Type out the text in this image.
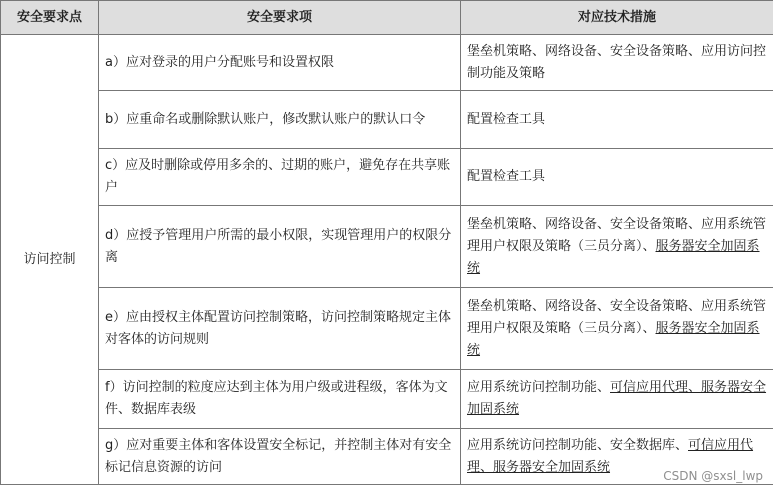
安全要求点	安全要求项	对应技术措施
访问控制	a）应对登录的用户分配账号和设置权限	堡垒机策略、网络设备、安全设备策略、应用访问控制功能及策略
	b）应重命名或删除默认账户，修改默认账户的默认口令	配置检查工具
	c）应及时删除或停用多余的、过期的账户，避免存在共享账户	配置检查工具
	d）应授予管理用户所需的最小权限，实现管理用户的权限分离	堡垒机策略、网络设备、安全设备策略、应用系统管理用户权限及策略（三员分离）、服务器安全加固系统
	e）应由授权主体配置访问控制策略，访问控制策略规定主体对客体的访问规则	堡垒机策略、网络设备、安全设备策略、应用系统管理用户权限及策略（三员分离）、服务器安全加固系统
	f）访问控制的粒度应达到主体为用户级或进程级，客体为文件、数据库表级	应用系统访问控制功能、可信应用代理、服务器安全加固系统
	g）应对重要主体和客体设置安全标记，并控制主体对有安全标记信息资源的访问	应用系统访问控制功能、安全数据库、可信应用代理、服务器安全加固系统
CSDN @sxsl_lwp
